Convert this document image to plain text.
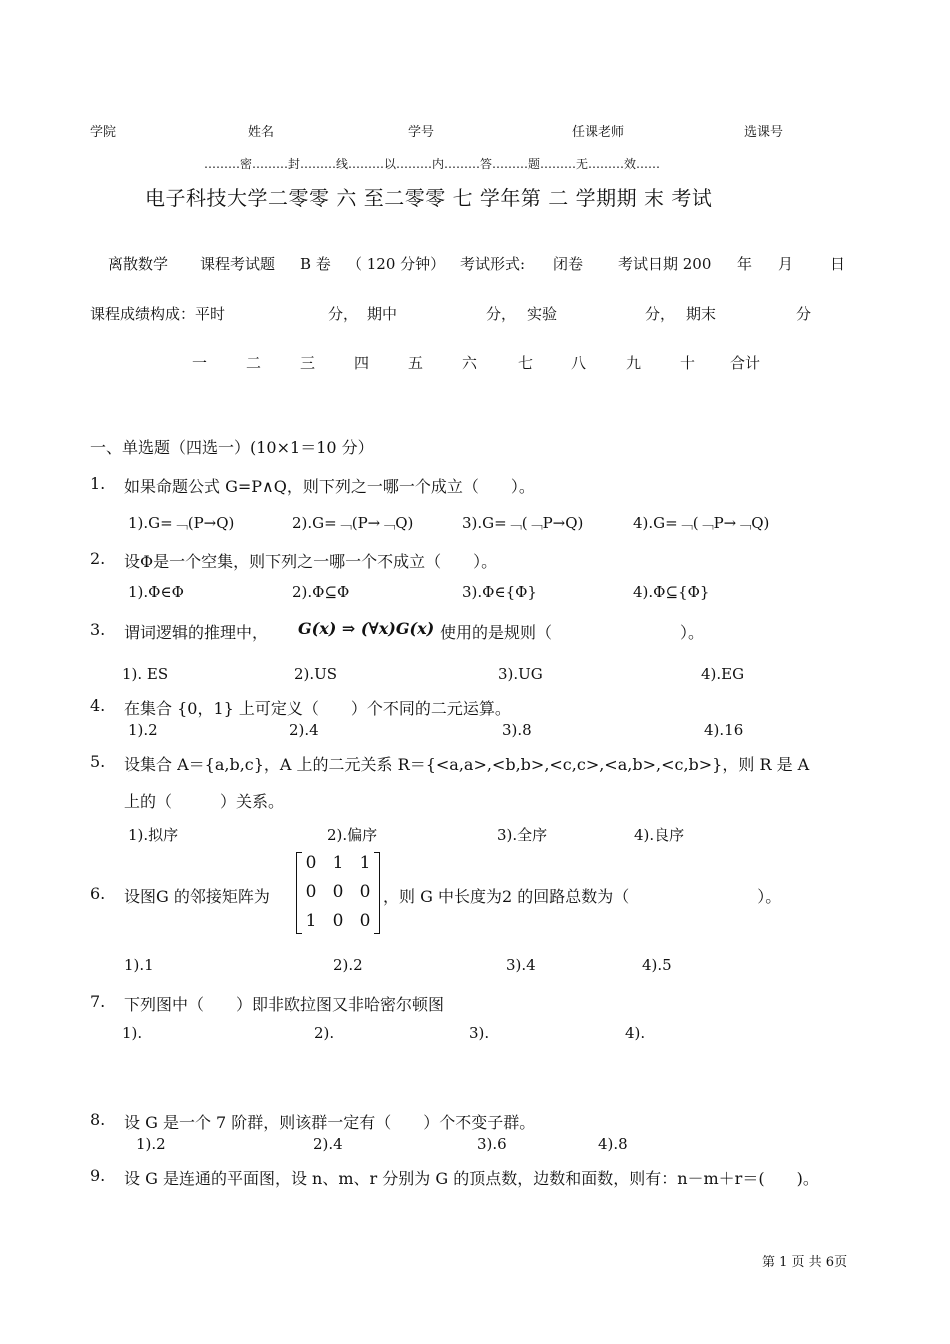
学院	姓名	学号	任课老师	选课号
………密………封………线………以………内………答………题………无………效……
电子科技大学二零零 六 至二零零 七 学年第 二 学期期 末 考试
离散数学 课程考试题 B 卷 （ 120 分钟） 考试形式: 闭卷 考试日期 200 年 月 日
课程成绩构成：平时	分， 期中	分， 实验	分， 期末	分
一	二	三	四	五	六	七	八	九	十 合计
一、单选题（四选一）(10×1＝10 分）
1. 如果命题公式 G=P∧Q，则下列之一哪一个成立（　　）。
1).G=﹁(P→Q)	2).G=﹁(P→﹁Q)	3).G=﹁(﹁P→Q)	4).G=﹁(﹁P→﹁Q)
2. 设Φ是一个空集，则下列之一哪一个不成立（　　）。
1).Φ∈Φ	2).Φ⊆Φ	3).Φ∈{Φ}	4).Φ⊆{Φ}
3. 谓词逻辑的推理中， G(x) ⇒ (∀x)G(x) 使用的是规则（　　　　　　　　）。
1). ES	2).US	3).UG	4).EG
4. 在集合 {0，1} 上可定义（　　）个不同的二元运算。
1).2	2).4	3).8	4).16
5. 设集合 A＝{a,b,c}，A 上的二元关系 R＝{<a,a>,<b,b>,<c,c>,<a,b>,<c,b>}，则 R 是 A
上的（　　　）关系。
1).拟序	2).偏序	3).全序	4).良序
6. 设图G 的邻接矩阵为
0 1 1
0 0 0
1 0 0
，则 G 中长度为2 的回路总数为（　　　　　　　　）。
1).1	2).2	3).4	4).5
7. 下列图中（　　）即非欧拉图又非哈密尔顿图
1).	2).	3).	4).
8. 设 G 是一个 7 阶群，则该群一定有（　　）个不变子群。
1).2	2).4	3).6	4).8
9. 设 G 是连通的平面图，设 n、m、r 分别为 G 的顶点数，边数和面数，则有：n－m＋r＝(　　)。
第 1 页 共 6页
